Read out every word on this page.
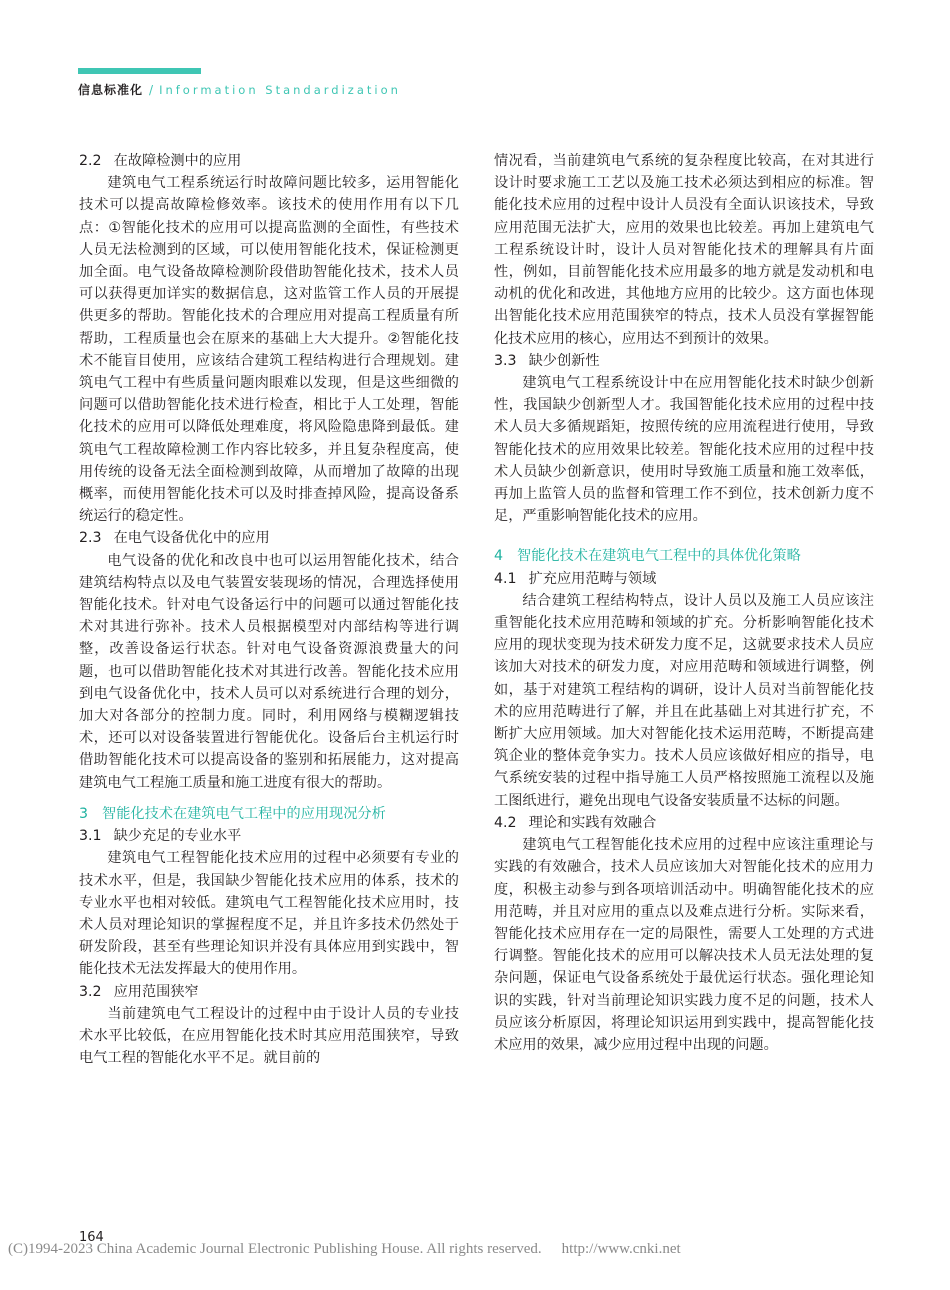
信息标准化 / Information Standardization
2.2 在故障检测中的应用

建筑电气工程系统运行时故障问题比较多，运用智能化技术可以提高故障检修效率。该技术的使用作用有以下几点：①智能化技术的应用可以提高监测的全面性，有些技术人员无法检测到的区域，可以使用智能化技术，保证检测更加全面。电气设备故障检测阶段借助智能化技术，技术人员可以获得更加详实的数据信息，这对监管工作人员的开展提供更多的帮助。智能化技术的合理应用对提高工程质量有所帮助，工程质量也会在原来的基础上大大提升。②智能化技术不能盲目使用，应该结合建筑工程结构进行合理规划。建筑电气工程中有些质量问题肉眼难以发现，但是这些细微的问题可以借助智能化技术进行检查，相比于人工处理，智能化技术的应用可以降低处理难度，将风险隐患降到最低。建筑电气工程故障检测工作内容比较多，并且复杂程度高，使用传统的设备无法全面检测到故障，从而增加了故障的出现概率，而使用智能化技术可以及时排查掉风险，提高设备系统运行的稳定性。

2.3 在电气设备优化中的应用

电气设备的优化和改良中也可以运用智能化技术，结合建筑结构特点以及电气装置安装现场的情况，合理选择使用智能化技术。针对电气设备运行中的问题可以通过智能化技术对其进行弥补。技术人员根据模型对内部结构等进行调整，改善设备运行状态。针对电气设备资源浪费量大的问题，也可以借助智能化技术对其进行改善。智能化技术应用到电气设备优化中，技术人员可以对系统进行合理的划分，加大对各部分的控制力度。同时，利用网络与模糊逻辑技术，还可以对设备装置进行智能优化。设备后台主机运行时借助智能化技术可以提高设备的鉴别和拓展能力，这对提高建筑电气工程施工质量和施工进度有很大的帮助。

3 智能化技术在建筑电气工程中的应用现况分析
3.1 缺少充足的专业水平

建筑电气工程智能化技术应用的过程中必须要有专业的技术水平，但是，我国缺少智能化技术应用的体系，技术的专业水平也相对较低。建筑电气工程智能化技术应用时，技术人员对理论知识的掌握程度不足，并且许多技术仍然处于研发阶段，甚至有些理论知识并没有具体应用到实践中，智能化技术无法发挥最大的使用作用。

3.2 应用范围狭窄

当前建筑电气工程设计的过程中由于设计人员的专业技术水平比较低，在应用智能化技术时其应用范围狭窄，导致电气工程的智能化水平不足。就目前的

情况看，当前建筑电气系统的复杂程度比较高，在对其进行设计时要求施工工艺以及施工技术必须达到相应的标准。智能化技术应用的过程中设计人员没有全面认识该技术，导致应用范围无法扩大，应用的效果也比较差。再加上建筑电气工程系统设计时，设计人员对智能化技术的理解具有片面性，例如，目前智能化技术应用最多的地方就是发动机和电动机的优化和改进，其他地方应用的比较少。这方面也体现出智能化技术应用范围狭窄的特点，技术人员没有掌握智能化技术应用的核心，应用达不到预计的效果。

3.3 缺少创新性

建筑电气工程系统设计中在应用智能化技术时缺少创新性，我国缺少创新型人才。我国智能化技术应用的过程中技术人员大多循规蹈矩，按照传统的应用流程进行使用，导致智能化技术的应用效果比较差。智能化技术应用的过程中技术人员缺少创新意识，使用时导致施工质量和施工效率低，再加上监管人员的监督和管理工作不到位，技术创新力度不足，严重影响智能化技术的应用。

4 智能化技术在建筑电气工程中的具体优化策略
4.1 扩充应用范畴与领域

结合建筑工程结构特点，设计人员以及施工人员应该注重智能化技术应用范畴和领域的扩充。分析影响智能化技术应用的现状变现为技术研发力度不足，这就要求技术人员应该加大对技术的研发力度，对应用范畴和领域进行调整，例如，基于对建筑工程结构的调研，设计人员对当前智能化技术的应用范畴进行了解，并且在此基础上对其进行扩充，不断扩大应用领域。加大对智能化技术运用范畴，不断提高建筑企业的整体竞争实力。技术人员应该做好相应的指导，电气系统安装的过程中指导施工人员严格按照施工流程以及施工图纸进行，避免出现电气设备安装质量不达标的问题。

4.2 理论和实践有效融合

建筑电气工程智能化技术应用的过程中应该注重理论与实践的有效融合，技术人员应该加大对智能化技术的应用力度，积极主动参与到各项培训活动中。明确智能化技术的应用范畴，并且对应用的重点以及难点进行分析。实际来看，智能化技术应用存在一定的局限性，需要人工处理的方式进行调整。智能化技术的应用可以解决技术人员无法处理的复杂问题，保证电气设备系统处于最优运行状态。强化理论知识的实践，针对当前理论知识实践力度不足的问题，技术人员应该分析原因，将理论知识运用到实践中，提高智能化技术应用的效果，减少应用过程中出现的问题。

164
(C)1994-2023 China Academic Journal Electronic Publishing House. All rights reserved. http://www.cnki.net
